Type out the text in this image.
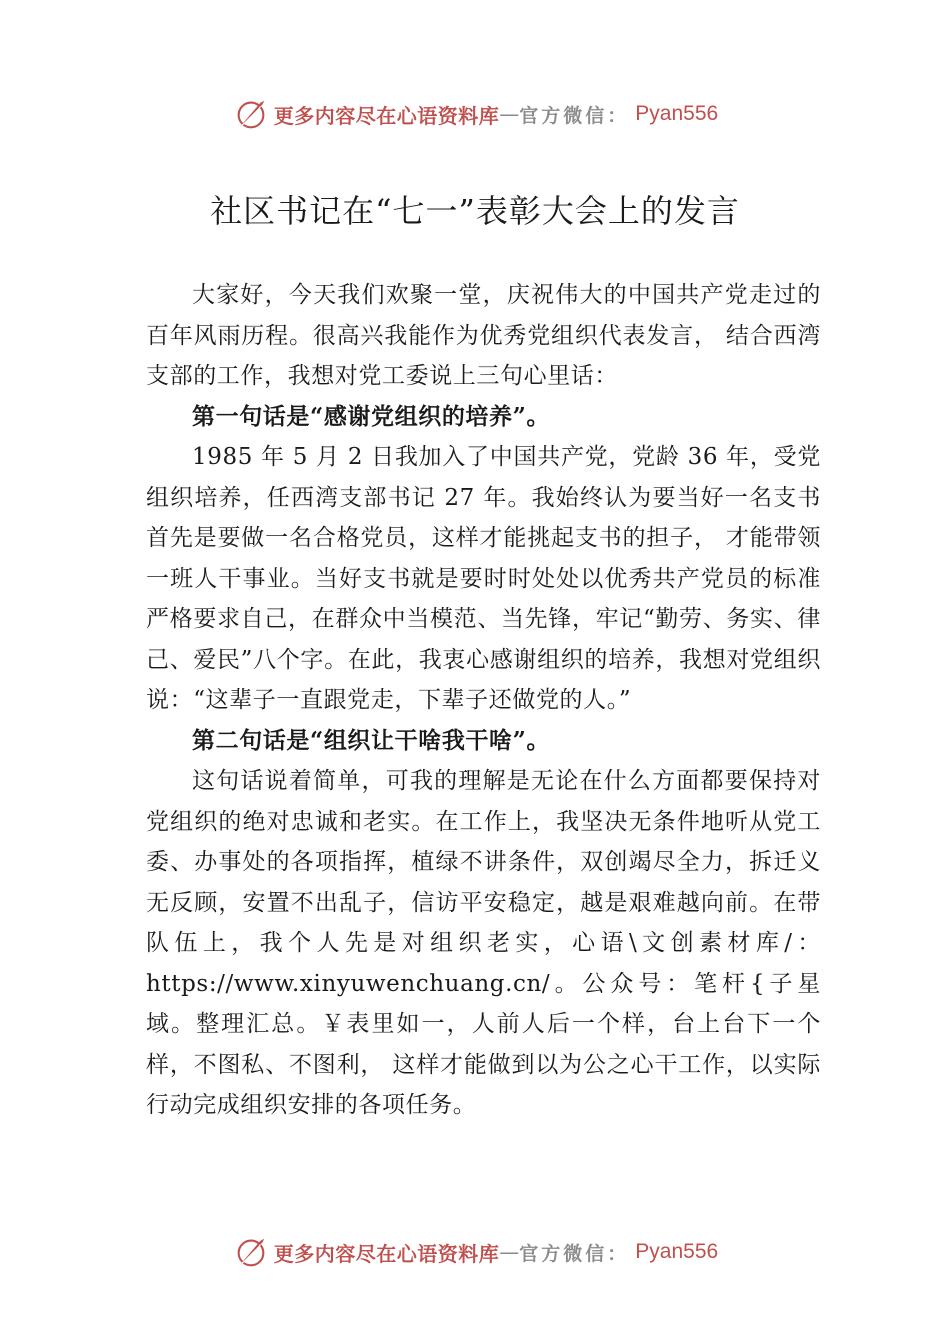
更多内容尽在心语资料库 — 官方微信： Pyan556
社区书记在“七一”表彰大会上的发言

大家好，今天我们欢聚一堂，庆祝伟大的中国共产党走过的百年风雨历程。很高兴我能作为优秀党组织代表发言， 结合西湾支部的工作，我想对党工委说上三句心里话：

第一句话是“感谢党组织的培养”。

1985 年 5 月 2 日我加入了中国共产党，党龄 36 年，受党组织培养，任西湾支部书记 27 年。我始终认为要当好一名支书首先是要做一名合格党员，这样才能挑起支书的担子， 才能带领一班人干事业。当好支书就是要时时处处以优秀共产党员的标准严格要求自己，在群众中当模范、当先锋，牢记“勤劳、务实、律己、爱民”八个字。在此，我衷心感谢组织的培养，我想对党组织说：“这辈子一直跟党走，下辈子还做党的人。”

第二句话是“组织让干啥我干啥”。

这句话说着简单，可我的理解是无论在什么方面都要保持对党组织的绝对忠诚和老实。在工作上，我坚决无条件地听从党工委、办事处的各项指挥，植绿不讲条件，双创竭尽全力，拆迁义无反顾，安置不出乱子，信访平安稳定，越是艰难越向前。在带队伍上，我个人先是对组织老实，心语\文创素材库/：https://www.xinyuwenchuang.cn/。公众号：笔杆{子星域。整理汇总。￥表里如一，人前人后一个样，台上台下一个样，不图私、不图利， 这样才能做到以为公之心干工作，以实际行动完成组织安排的各项任务。

更多内容尽在心语资料库 — 官方微信： Pyan556
